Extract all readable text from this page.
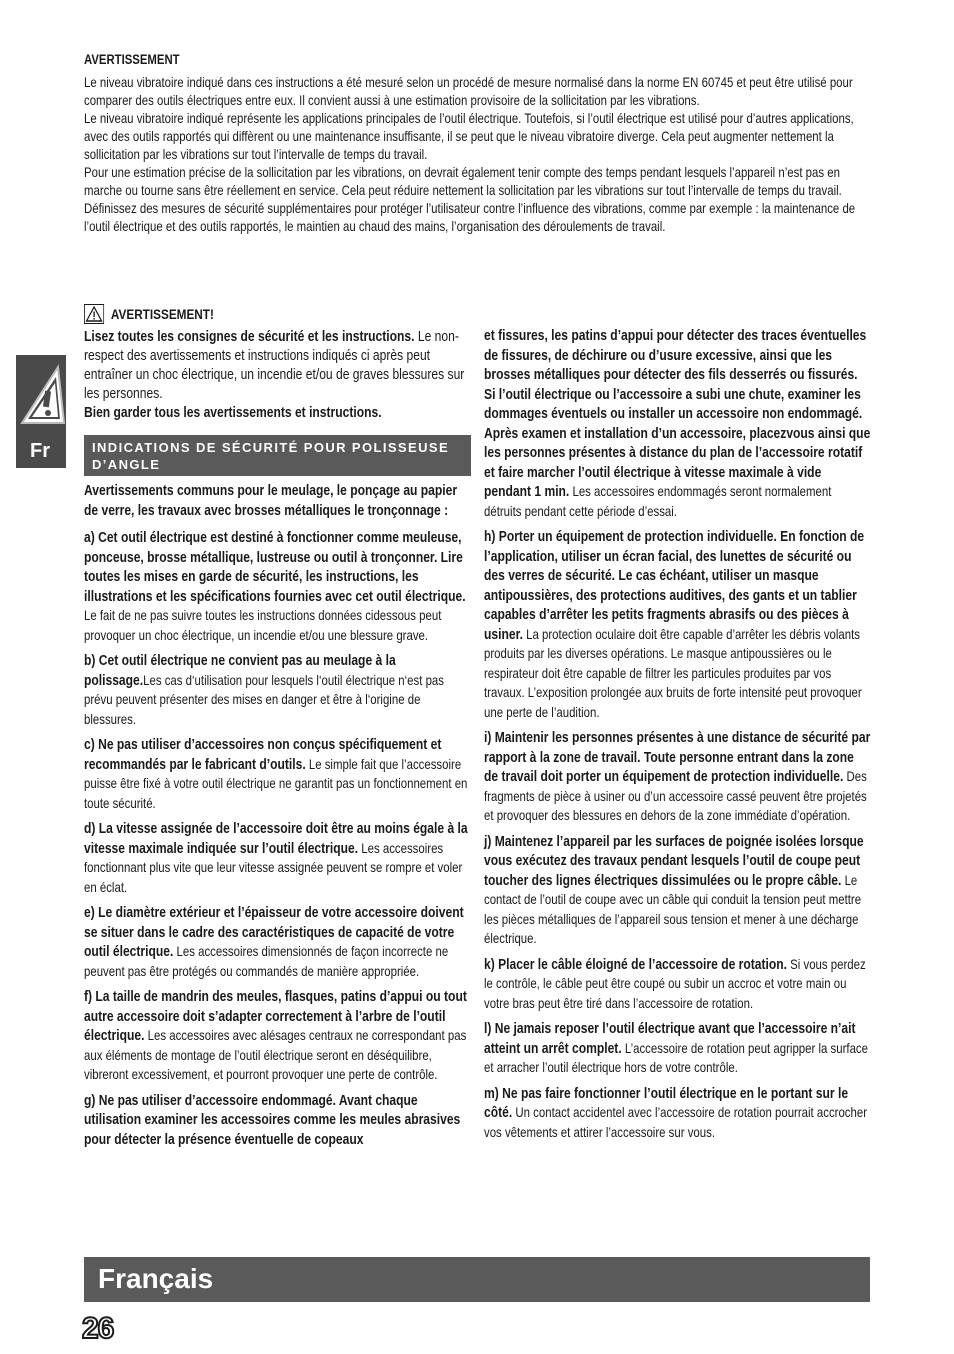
AVERTISSEMENT

Le niveau vibratoire indiqué dans ces instructions a été mesuré selon un procédé de mesure normalisé dans la norme EN 60745 et peut être utilisé pour comparer des outils électriques entre eux. Il convient aussi à une estimation provisoire de la sollicitation par les vibrations.

Le niveau vibratoire indiqué représente les applications principales de l’outil électrique. Toutefois, si l’outil électrique est utilisé pour d’autres applications, avec des outils rapportés qui diffèrent ou une maintenance insuffisante, il se peut que le niveau vibratoire diverge. Cela peut augmenter nettement la sollicitation par les vibrations sur tout l’intervalle de temps du travail.

Pour une estimation précise de la sollicitation par les vibrations, on devrait également tenir compte des temps pendant lesquels l’appareil n’est pas en marche ou tourne sans être réellement en service. Cela peut réduire nettement la sollicitation par les vibrations sur tout l’intervalle de temps du travail.

Définissez des mesures de sécurité supplémentaires pour protéger l’utilisateur contre l’influence des vibrations, comme par exemple : la maintenance de l’outil électrique et des outils rapportés, le maintien au chaud des mains, l’organisation des déroulements de travail.

Fr
AVERTISSEMENT!

Lisez toutes les consignes de sécurité et les instructions. Le non-respect des avertissements et instructions indiqués ci après peut entraîner un choc électrique, un incendie et/ou de graves blessures sur les personnes.

Bien garder tous les avertissements et instructions.

INDICATIONS DE SÉCURITÉ POUR POLISSEUSE D’ANGLE

Avertissements communs pour le meulage, le ponçage au papier de verre, les travaux avec brosses métalliques le tronçonnage :

a) Cet outil électrique est destiné à fonctionner comme meuleuse, ponceuse, brosse métallique, lustreuse ou outil à tronçonner. Lire toutes les mises en garde de sécurité, les instructions, les illustrations et les spécifications fournies avec cet outil électrique. Le fait de ne pas suivre toutes les instructions données cidessous peut provoquer un choc électrique, un incendie et/ou une blessure grave.

b) Cet outil électrique ne convient pas au meulage à la polissage.Les cas d‘utilisation pour lesquels l‘outil électrique n‘est pas prévu peuvent présenter des mises en danger et être à l‘origine de blessures.

c) Ne pas utiliser d’accessoires non conçus spécifiquement et recommandés par le fabricant d’outils. Le simple fait que l’accessoire puisse être fixé à votre outil électrique ne garantit pas un fonctionnement en toute sécurité.

d) La vitesse assignée de l’accessoire doit être au moins égale à la vitesse maximale indiquée sur l’outil électrique. Les accessoires fonctionnant plus vite que leur vitesse assignée peuvent se rompre et voler en éclat.

e) Le diamètre extérieur et l’épaisseur de votre accessoire doivent se situer dans le cadre des caractéristiques de capacité de votre outil électrique. Les accessoires dimensionnés de façon incorrecte ne peuvent pas être protégés ou commandés de manière appropriée.

f) La taille de mandrin des meules, flasques, patins d’appui ou tout autre accessoire doit s’adapter correctement à l’arbre de l’outil électrique. Les accessoires avec alésages centraux ne correspondant pas aux éléments de montage de l’outil électrique seront en déséquilibre, vibreront excessivement, et pourront provoquer une perte de contrôle.

g) Ne pas utiliser d’accessoire endommagé. Avant chaque utilisation examiner les accessoires comme les meules abrasives pour détecter la présence éventuelle de copeaux

et fissures, les patins d’appui pour détecter des traces éventuelles de fissures, de déchirure ou d’usure excessive, ainsi que les brosses métalliques pour détecter des fils desserrés ou fissurés. Si l’outil électrique ou l’accessoire a subi une chute, examiner les dommages éventuels ou installer un accessoire non endommagé. Après examen et installation d’un accessoire, placezvous ainsi que les personnes présentes à distance du plan de l’accessoire rotatif et faire marcher l’outil électrique à vitesse maximale à vide pendant 1 min. Les accessoires endommagés seront normalement détruits pendant cette période d’essai.

h) Porter un équipement de protection individuelle. En fonction de l’application, utiliser un écran facial, des lunettes de sécurité ou des verres de sécurité. Le cas échéant, utiliser un masque antipoussières, des protections auditives, des gants et un tablier capables d’arrêter les petits fragments abrasifs ou des pièces à usiner. La protection oculaire doit être capable d’arrêter les débris volants produits par les diverses opérations. Le masque antipoussières ou le respirateur doit être capable de filtrer les particules produites par vos travaux. L’exposition prolongée aux bruits de forte intensité peut provoquer une perte de l’audition.

i) Maintenir les personnes présentes à une distance de sécurité par rapport à la zone de travail. Toute personne entrant dans la zone de travail doit porter un équipement de protection individuelle. Des fragments de pièce à usiner ou d’un accessoire cassé peuvent être projetés et provoquer des blessures en dehors de la zone immédiate d’opération.

j) Maintenez l’appareil par les surfaces de poignée isolées lorsque vous exécutez des travaux pendant lesquels l’outil de coupe peut toucher des lignes électriques dissimulées ou le propre câble. Le contact de l’outil de coupe avec un câble qui conduit la tension peut mettre les pièces métalliques de l’appareil sous tension et mener à une décharge électrique.

k) Placer le câble éloigné de l’accessoire de rotation. Si vous perdez le contrôle, le câble peut être coupé ou subir un accroc et votre main ou votre bras peut être tiré dans l’accessoire de rotation.

l) Ne jamais reposer l’outil électrique avant que l’accessoire n’ait atteint un arrêt complet. L’accessoire de rotation peut agripper la surface et arracher l’outil électrique hors de votre contrôle.

m) Ne pas faire fonctionner l’outil électrique en le portant sur le côté. Un contact accidentel avec l’accessoire de rotation pourrait accrocher vos vêtements et attirer l’accessoire sur vous.

Français
26
